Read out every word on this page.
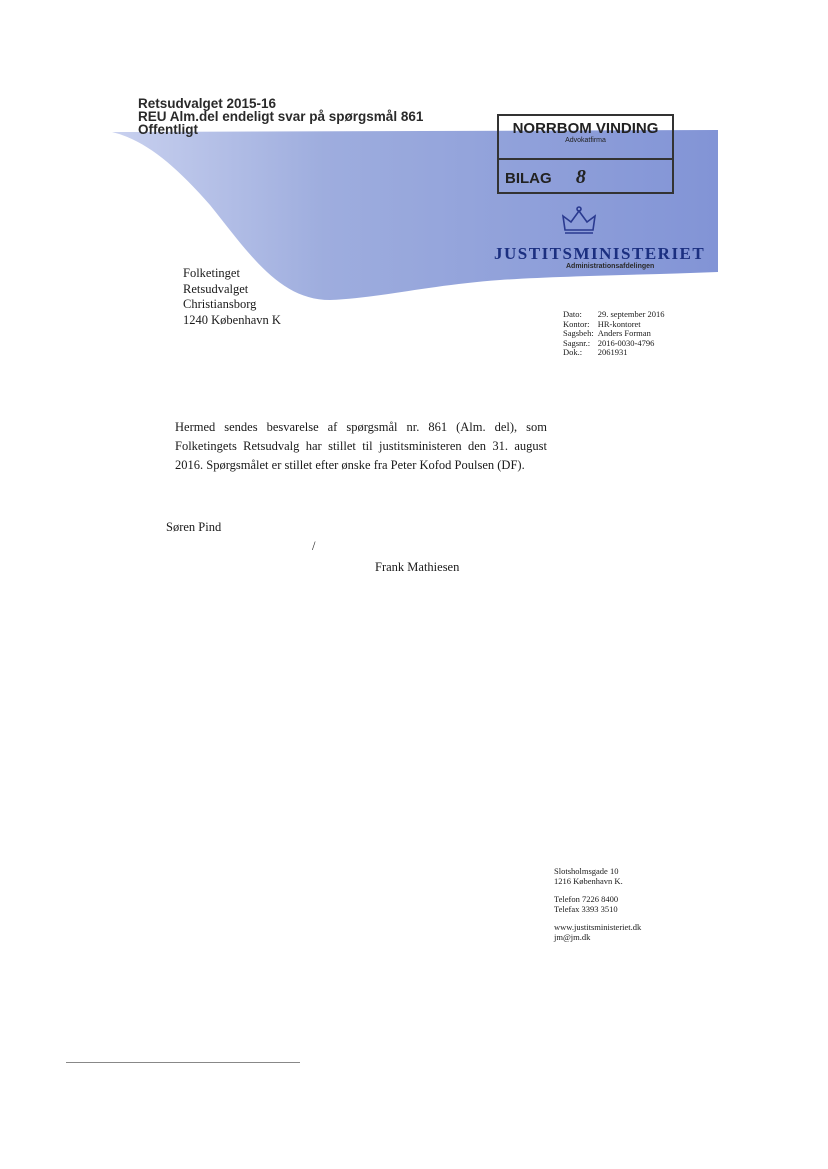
Retsudvalget 2015-16
REU Alm.del endeligt svar på spørgsmål 861
Offentligt	NORRBOM VINDING
Advokatfirma
BILAG 8
JUSTITSMINISTERIET
Administrationsafdelingen
Folketinget
Retsudvalget
Christiansborg
1240 København K	Dato:	29. september 2016
Kontor:	HR-kontoret
Sagsbeh:	Anders Forman
Sagsnr.:	2016-0030-4796
Dok.:	2061931
Hermed sendes besvarelse af spørgsmål nr. 861 (Alm. del), som Folketingets Retsudvalg har stillet til justitsministeren den 31. august 2016. Spørgsmålet er stillet efter ønske fra Peter Kofod Poulsen (DF).
Søren Pind
/
Frank Mathiesen
Slotsholmsgade 10
1216 København K.
Telefon 7226 8400
Telefax 3393 3510
www.justitsministeriet.dk
jm@jm.dk
